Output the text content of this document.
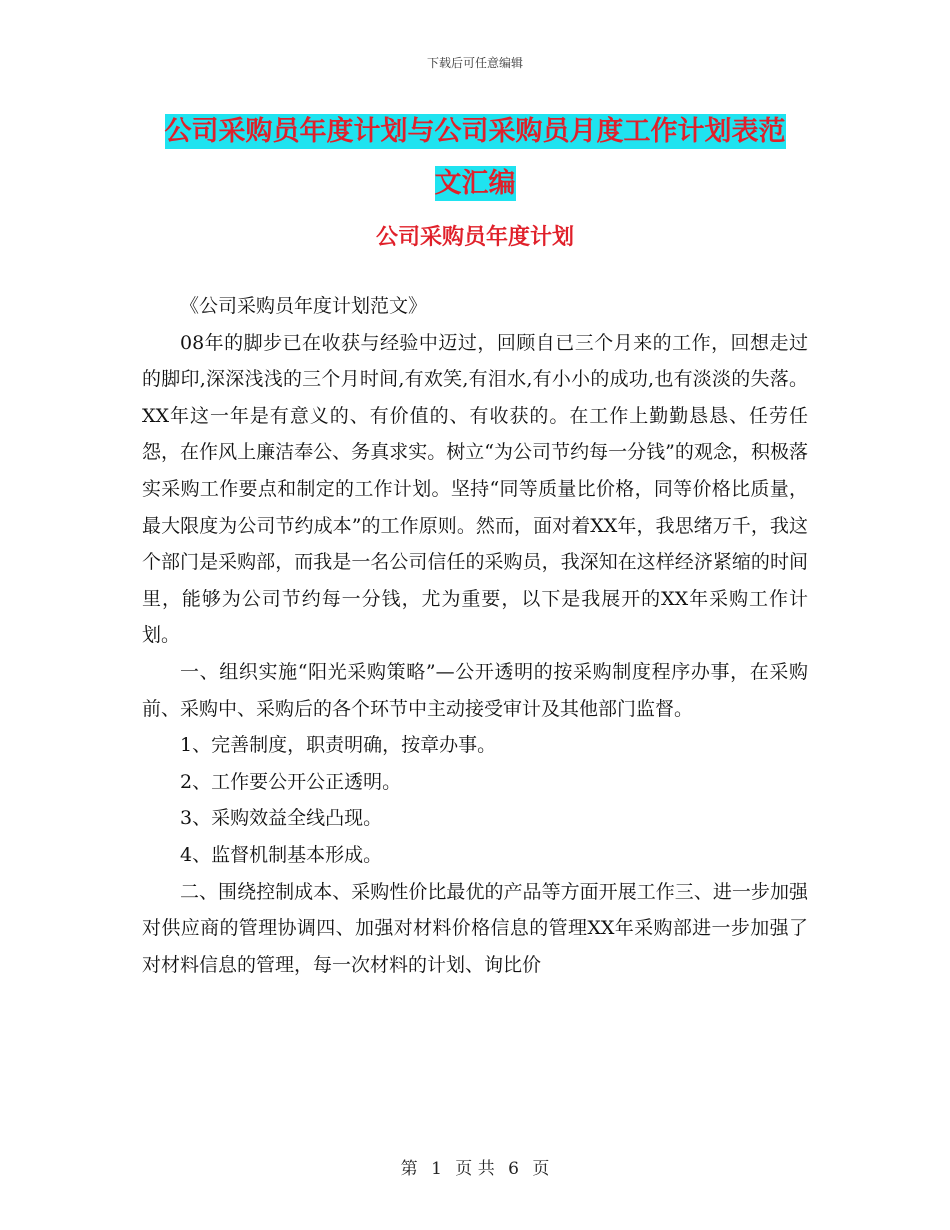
下载后可任意编辑
公司采购员年度计划与公司采购员月度工作计划表范
文汇编
公司采购员年度计划

《公司采购员年度计划范文》

08年的脚步已在收获与经验中迈过，回顾自已三个月来的工作，回想走过的脚印,深深浅浅的三个月时间,有欢笑,有泪水,有小小的成功,也有淡淡的失落。XX年这一年是有意义的、有价值的、有收获的。在工作上勤勤恳恳、任劳任怨，在作风上廉洁奉公、务真求实。树立“为公司节约每一分钱”的观念，积极落实采购工作要点和制定的工作计划。坚持“同等质量比价格，同等价格比质量，最大限度为公司节约成本”的工作原则。然而，面对着XX年，我思绪万千，我这个部门是采购部，而我是一名公司信任的采购员，我深知在这样经济紧缩的时间里，能够为公司节约每一分钱，尤为重要，以下是我展开的XX年采购工作计划。

一、组织实施“阳光采购策略”—公开透明的按采购制度程序办事，在采购前、采购中、采购后的各个环节中主动接受审计及其他部门监督。

1、完善制度，职责明确，按章办事。

2、工作要公开公正透明。

3、采购效益全线凸现。

4、监督机制基本形成。

二、围绕控制成本、采购性价比最优的产品等方面开展工作三、进一步加强对供应商的管理协调四、加强对材料价格信息的管理XX年采购部进一步加强了对材料信息的管理，每一次材料的计划、询比价

第 1 页 共 6 页
